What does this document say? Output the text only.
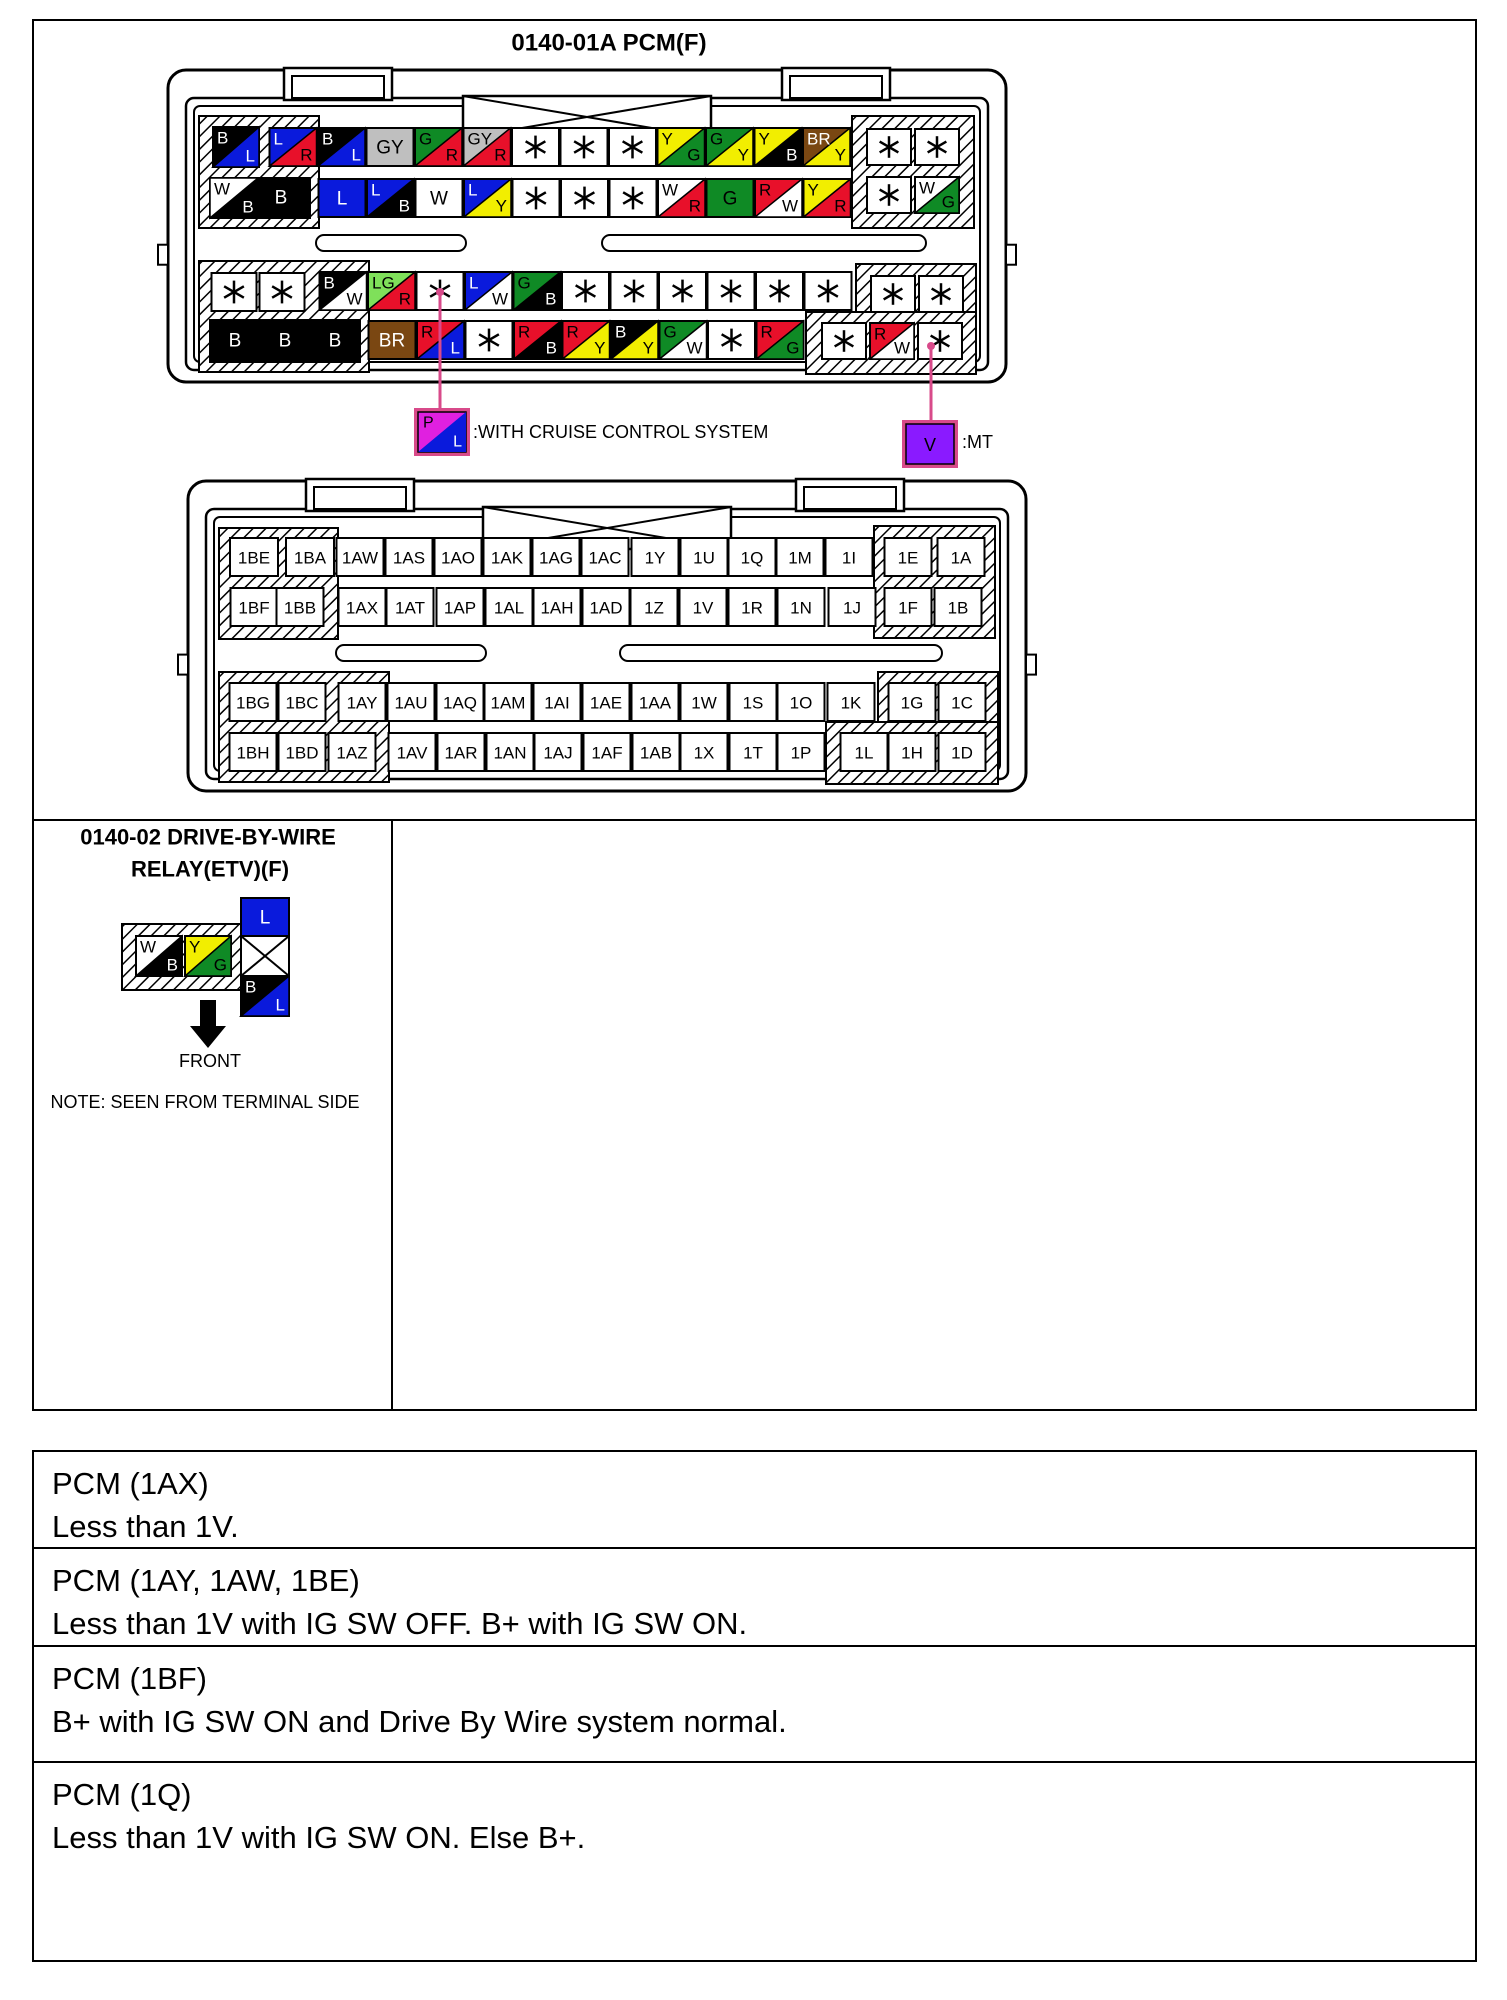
0140-01A PCM(F)
B
L
L
R
B
L GY G
R
GY
R
Y
G
G
Y
Y
B
BR
Y
W
B B	L L
B W L
Y
W
R G R
W
Y
R
W
G
B
W
LG
R
L
W
G
B
B B B BR R
L
R
B
R
Y
B
Y
G
W
R
G
R
W
P
L :WITH CRUISE CONTROL SYSTEM
V :MT
1BE 1BA 1AW 1AS 1AO 1AK 1AG 1AC 1Y 1U 1Q 1M 1I 1E 1A
1BF 1BB 1AX 1AT 1AP 1AL 1AH 1AD 1Z 1V 1R 1N 1J 1F 1B
1BG 1BC 1AY 1AU 1AQ 1AM 1AI 1AE 1AA 1W 1S 1O 1K 1G 1C
1BH 1BD 1AZ 1AV 1AR 1AN 1AJ 1AF 1AB 1X 1T 1P	1L 1H 1D
0140-02 DRIVE-BY-WIRE
RELAY(ETV)(F)
W
B
Y
G
L
B
L
FRONT
NOTE: SEEN FROM TERMINAL SIDE
PCM (1AX)
Less than 1V.
PCM (1AY, 1AW, 1BE)
Less than 1V with IG SW OFF. B+ with IG SW ON.
PCM (1BF)
B+ with IG SW ON and Drive By Wire system normal.
PCM (1Q)
Less than 1V with IG SW ON. Else B+.
